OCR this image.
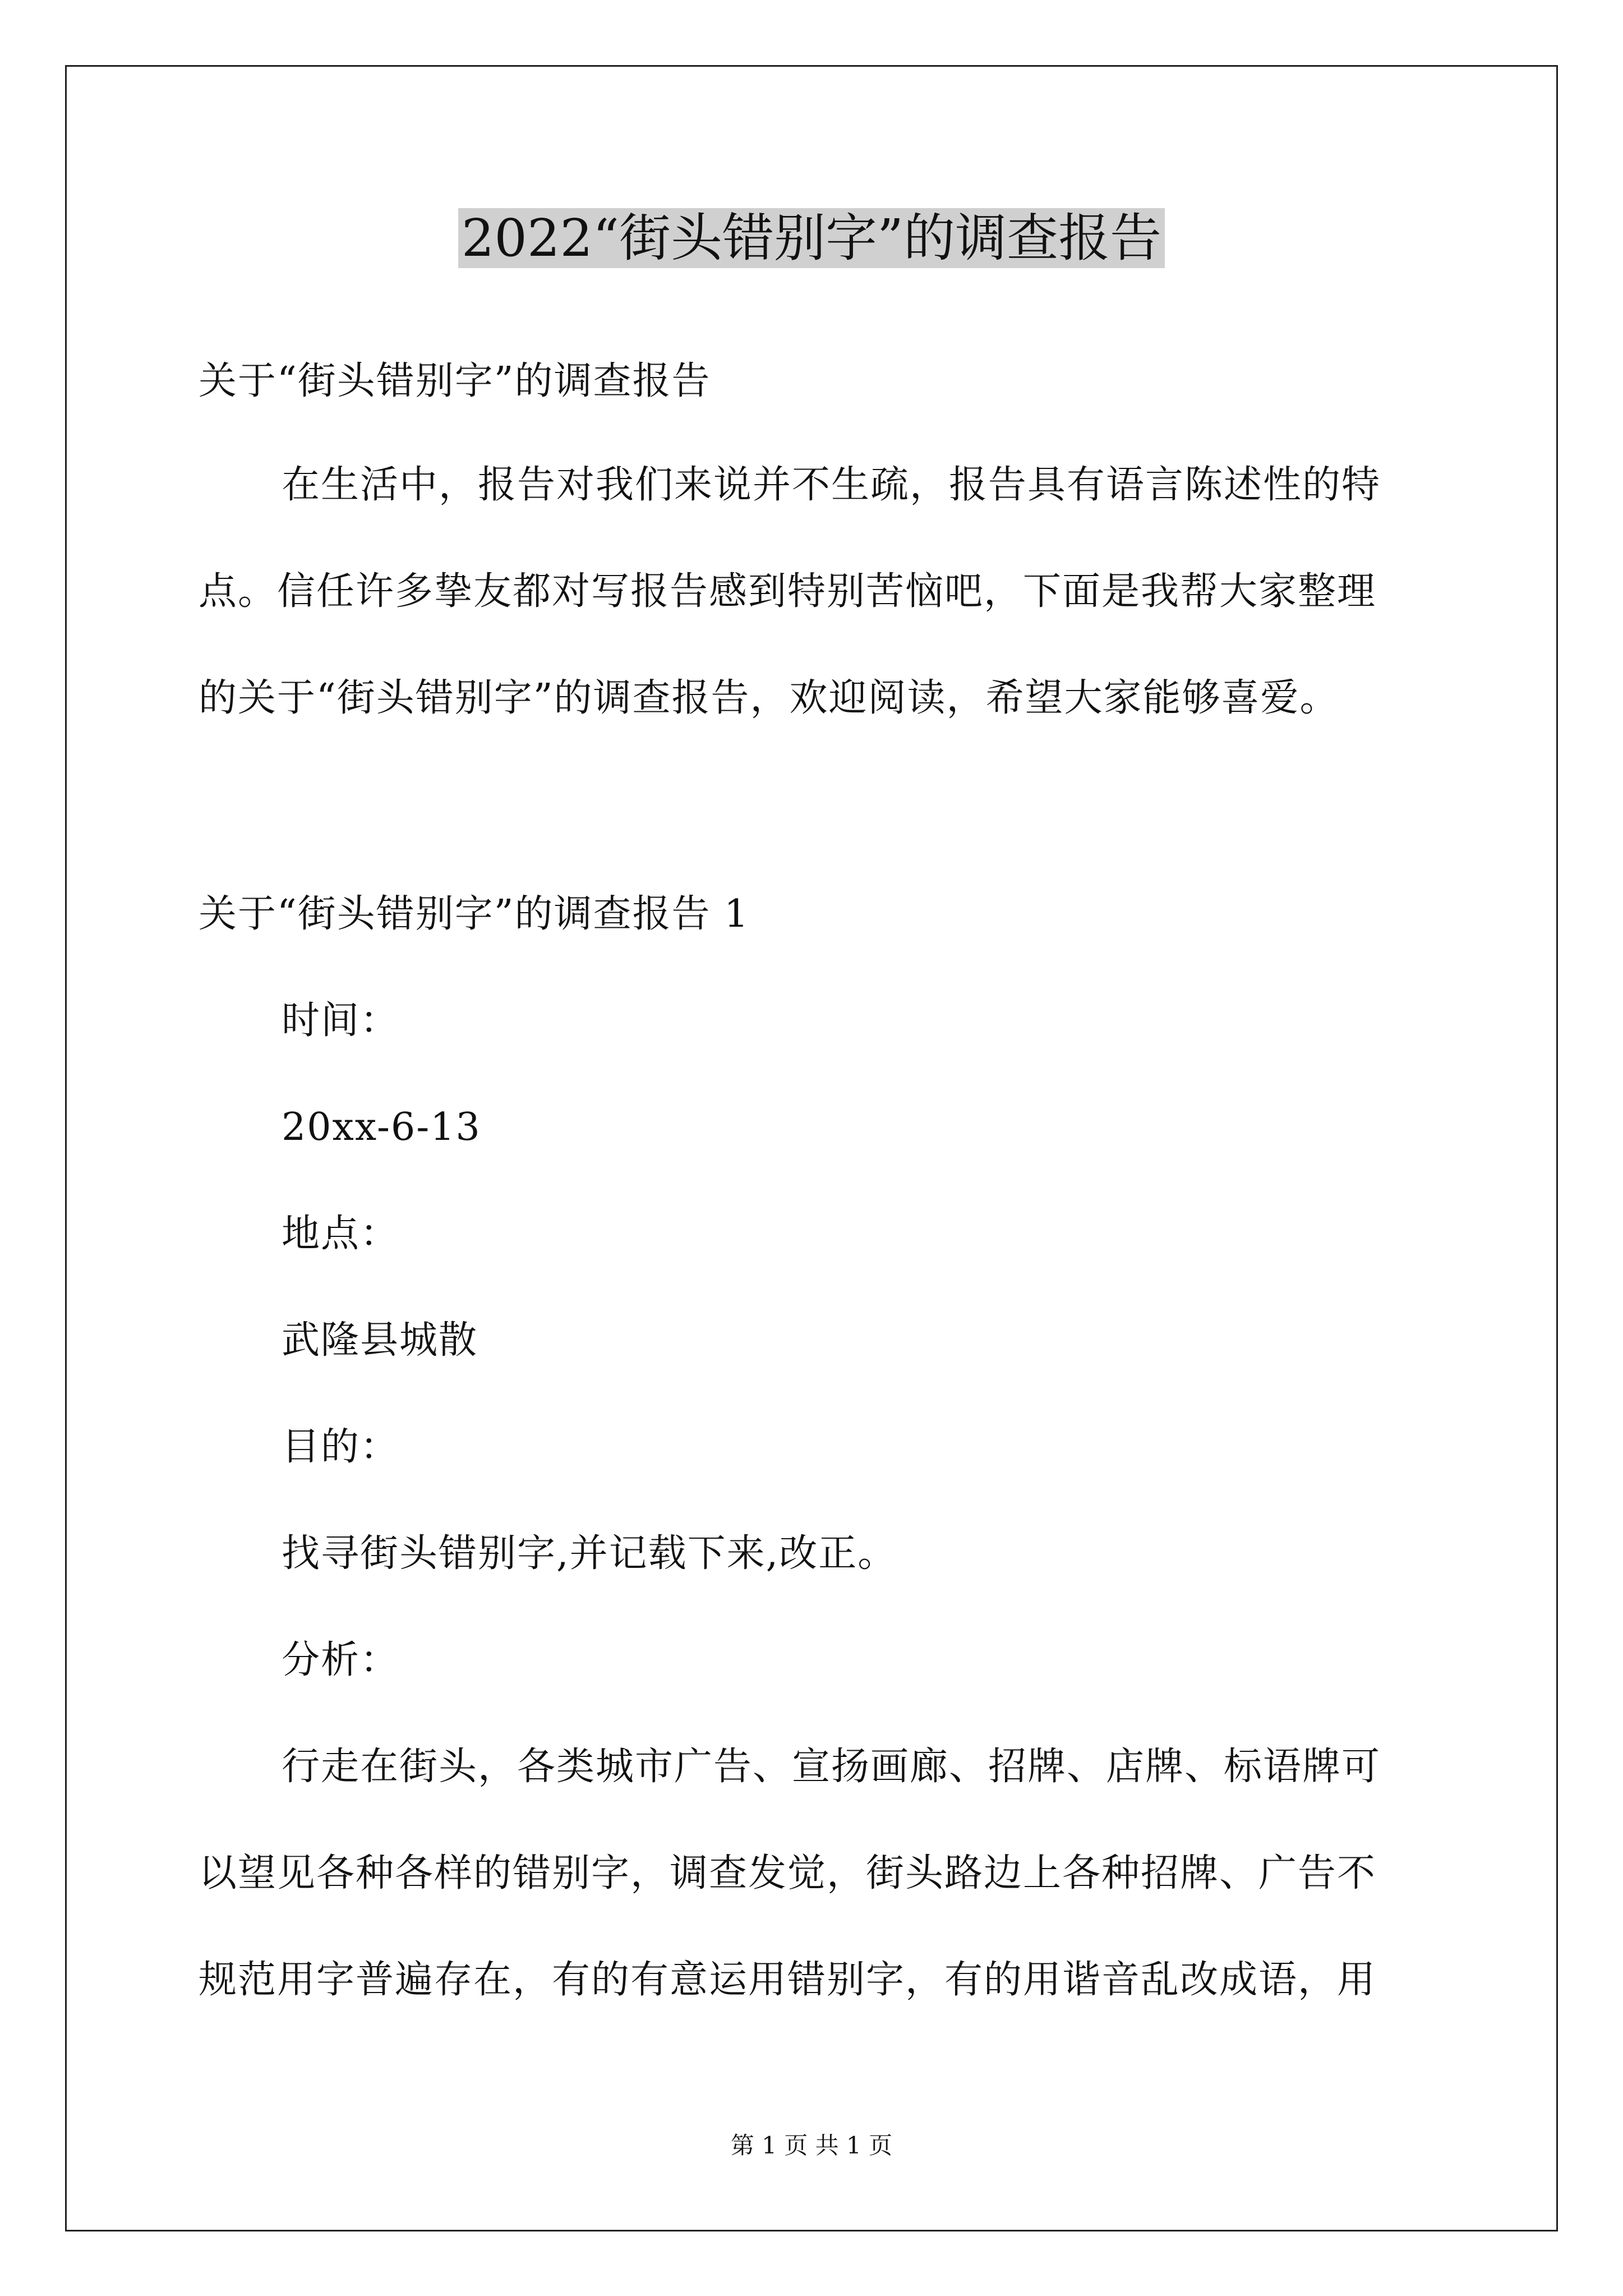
2022“街头错别字”的调查报告
关于“街头错别字”的调查报告
在生活中，报告对我们来说并不生疏，报告具有语言陈述性的特
点。信任许多挚友都对写报告感到特别苦恼吧，下面是我帮大家整理
的关于“街头错别字”的调查报告，欢迎阅读，希望大家能够喜爱。
关于“街头错别字”的调查报告 1
时间：
20xx-6-13
地点：
武隆县城散
目的：
找寻街头错别字,并记载下来,改正。
分析：
行走在街头，各类城市广告、宣扬画廊、招牌、店牌、标语牌可
以望见各种各样的错别字，调查发觉，街头路边上各种招牌、广告不
规范用字普遍存在，有的有意运用错别字，有的用谐音乱改成语，用
第 1 页 共 1 页
